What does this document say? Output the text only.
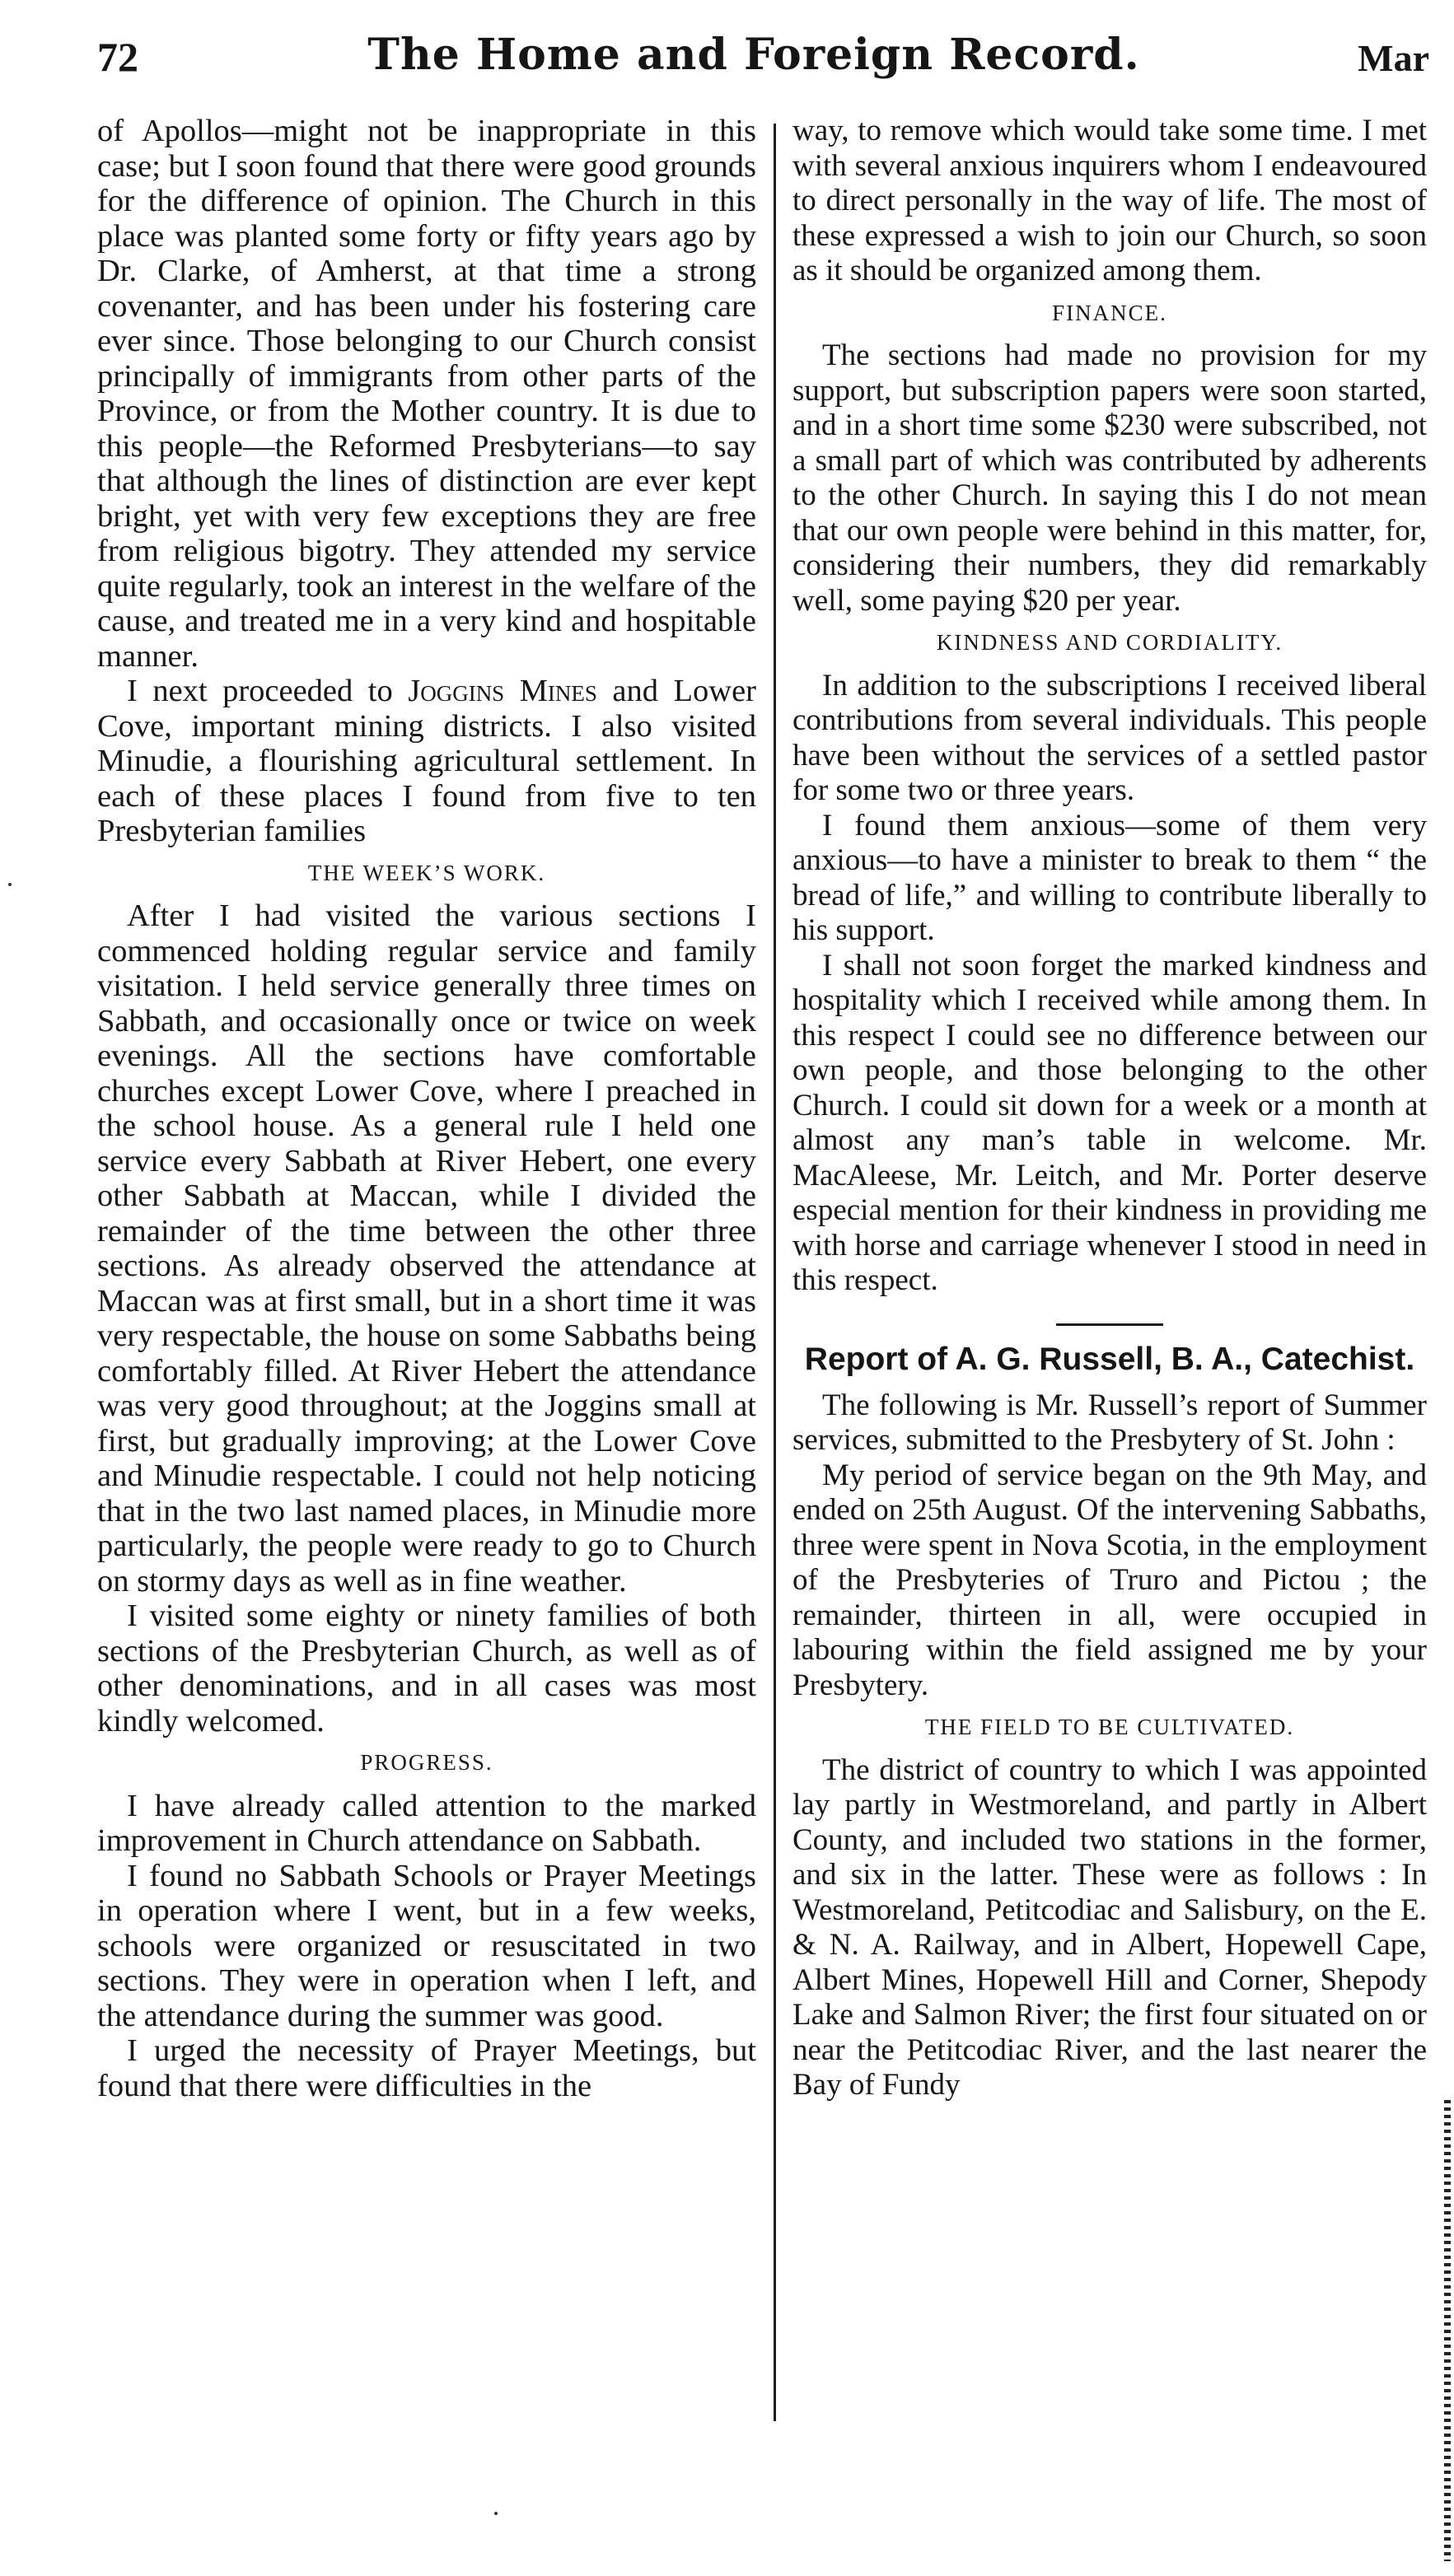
72	The Home and Foreign Record.	Mar

of Apollos—might not be inappropriate in this case; but I soon found that there were good grounds for the difference of opinion. The Church in this place was planted some forty or fifty years ago by Dr. Clarke, of Amherst, at that time a strong covenanter, and has been under his fostering care ever since. Those belonging to our Church consist principally of immigrants from other parts of the Province, or from the Mother country. It is due to this people—the Reformed Presbyterians—to say that although the lines of distinction are ever kept bright, yet with very few exceptions they are free from religious bigotry. They attended my service quite regularly, took an interest in the welfare of the cause, and treated me in a very kind and hospitable manner.

I next proceeded to Joggins Mines and Lower Cove, important mining districts. I also visited Minudie, a flourishing agricultural settlement. In each of these places I found from five to ten Presbyterian families

THE WEEK’S WORK.

After I had visited the various sections I commenced holding regular service and family visitation. I held service generally three times on Sabbath, and occasionally once or twice on week evenings. All the sections have comfortable churches except Lower Cove, where I preached in the school house. As a general rule I held one service every Sabbath at River Hebert, one every other Sabbath at Maccan, while I divided the remainder of the time between the other three sections. As already observed the attendance at Maccan was at first small, but in a short time it was very respectable, the house on some Sabbaths being comfortably filled. At River Hebert the attendance was very good throughout; at the Joggins small at first, but gradually improving; at the Lower Cove and Minudie respectable. I could not help noticing that in the two last named places, in Minudie more particularly, the people were ready to go to Church on stormy days as well as in fine weather.

I visited some eighty or ninety families of both sections of the Presbyterian Church, as well as of other denominations, and in all cases was most kindly welcomed.

PROGRESS.

I have already called attention to the marked improvement in Church attendance on Sabbath.

I found no Sabbath Schools or Prayer Meetings in operation where I went, but in a few weeks, schools were organized or resuscitated in two sections. They were in operation when I left, and the attendance during the summer was good.

I urged the necessity of Prayer Meetings, but found that there were difficulties in the

way, to remove which would take some time. I met with several anxious inquirers whom I endeavoured to direct personally in the way of life. The most of these expressed a wish to join our Church, so soon as it should be organized among them.

FINANCE.

The sections had made no provision for my support, but subscription papers were soon started, and in a short time some $230 were subscribed, not a small part of which was contributed by adherents to the other Church. In saying this I do not mean that our own people were behind in this matter, for, considering their numbers, they did remarkably well, some paying $20 per year.

KINDNESS AND CORDIALITY.

In addition to the subscriptions I received liberal contributions from several individuals. This people have been without the services of a settled pastor for some two or three years.

I found them anxious—some of them very anxious—to have a minister to break to them “ the bread of life,” and willing to contribute liberally to his support.

I shall not soon forget the marked kindness and hospitality which I received while among them. In this respect I could see no difference between our own people, and those belonging to the other Church. I could sit down for a week or a month at almost any man’s table in welcome. Mr. MacAleese, Mr. Leitch, and Mr. Porter deserve especial mention for their kindness in providing me with horse and carriage whenever I stood in need in this respect.

Report of A. G. Russell, B. A., Catechist.

The following is Mr. Russell’s report of Summer services, submitted to the Presbytery of St. John :

My period of service began on the 9th May, and ended on 25th August. Of the intervening Sabbaths, three were spent in Nova Scotia, in the employment of the Presbyteries of Truro and Pictou ; the remainder, thirteen in all, were occupied in labouring within the field assigned me by your Presbytery.

THE FIELD TO BE CULTIVATED.

The district of country to which I was appointed lay partly in Westmoreland, and partly in Albert County, and included two stations in the former, and six in the latter. These were as follows : In Westmoreland, Petitcodiac and Salisbury, on the E. & N. A. Railway, and in Albert, Hopewell Cape, Albert Mines, Hopewell Hill and Corner, Shepody Lake and Salmon River; the first four situated on or near the Petitcodiac River, and the last nearer the Bay of Fundy
